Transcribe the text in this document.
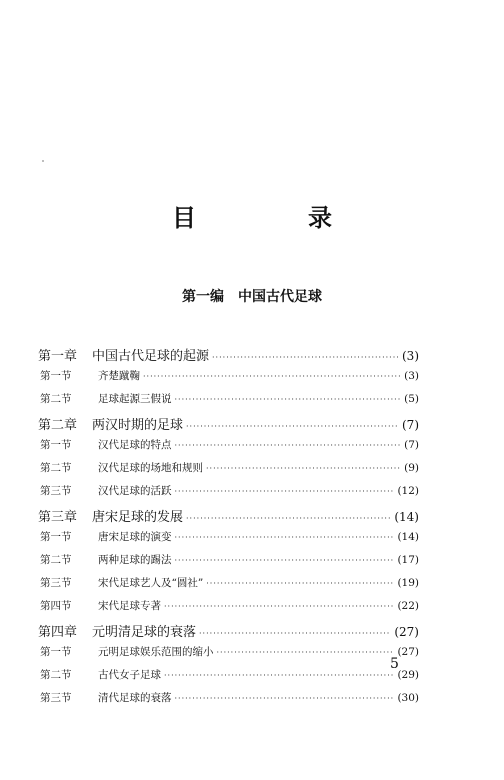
目　录
第一编 中国古代足球
第一章	中国古代足球的起源 ·····	(3)
第一节	齐楚蹴鞠 ·····	(3)
第二节	足球起源三假说 ·····	(5)
第二章	两汉时期的足球 ·····	(7)
第一节	汉代足球的特点 ·····	(7)
第二节	汉代足球的场地和规则 ·····	(9)
第三节	汉代足球的活跃 ·····	(12)
第三章	唐宋足球的发展 ·····	(14)
第一节	唐宋足球的演变 ·····	(14)
第二节	两种足球的踢法 ·····	(17)
第三节	宋代足球艺人及“圆社” ·····	(19)
第四节	宋代足球专著 ·····	(22)
第四章	元明清足球的衰落 ·····	(27)
第一节	元明足球娱乐范围的缩小 ·····	(27)
第二节	古代女子足球 ·····	(29)
第三节	清代足球的衰落 ·····	(30)
5
